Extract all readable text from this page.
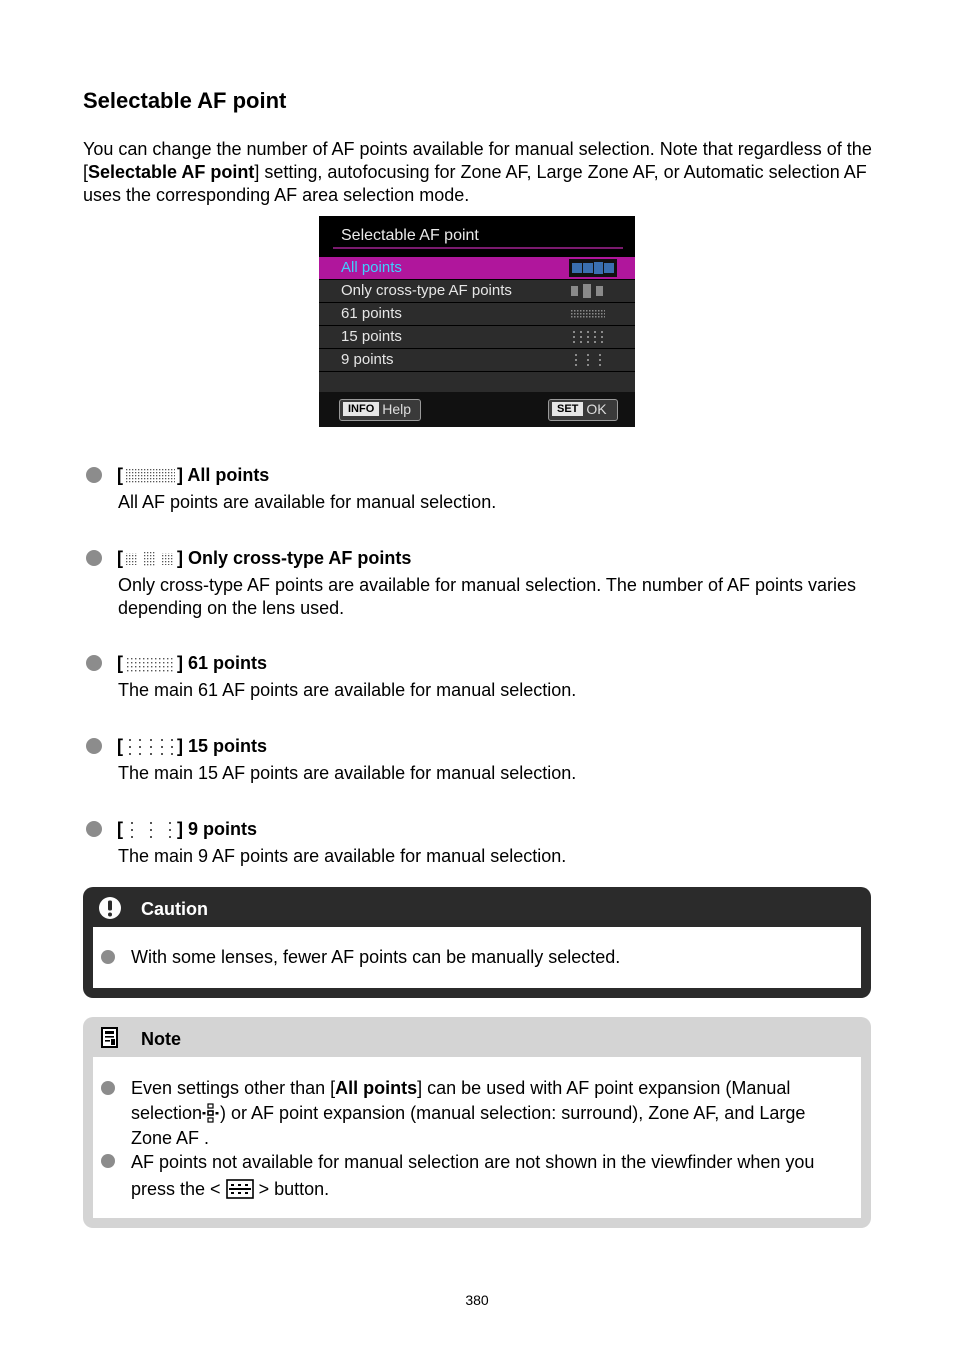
Selectable AF point
You can change the number of AF points available for manual selection. Note that regardless of the [Selectable AF point] setting, autofocusing for Zone AF, Large Zone AF, or Automatic selection AF uses the corresponding AF area selection mode.
Selectable AF point
All points
Only cross-type AF points
61 points
15 points
9 points
INFO Help	SET OK
[	] All points
All AF points are available for manual selection.
[	] Only cross-type AF points
Only cross-type AF points are available for manual selection. The number of AF points varies depending on the lens used.
[	] 61 points
The main 61 AF points are available for manual selection.
[	] 15 points
The main 15 AF points are available for manual selection.
[	] 9 points
The main 9 AF points are available for manual selection.
Caution
With some lenses, fewer AF points can be manually selected.
Note
Even settings other than [All points] can be used with AF point expansion (Manual selection ) or AF point expansion (manual selection: surround), Zone AF, and Large Zone AF .
AF points not available for manual selection are not shown in the viewfinder when you press the < > button.
380
